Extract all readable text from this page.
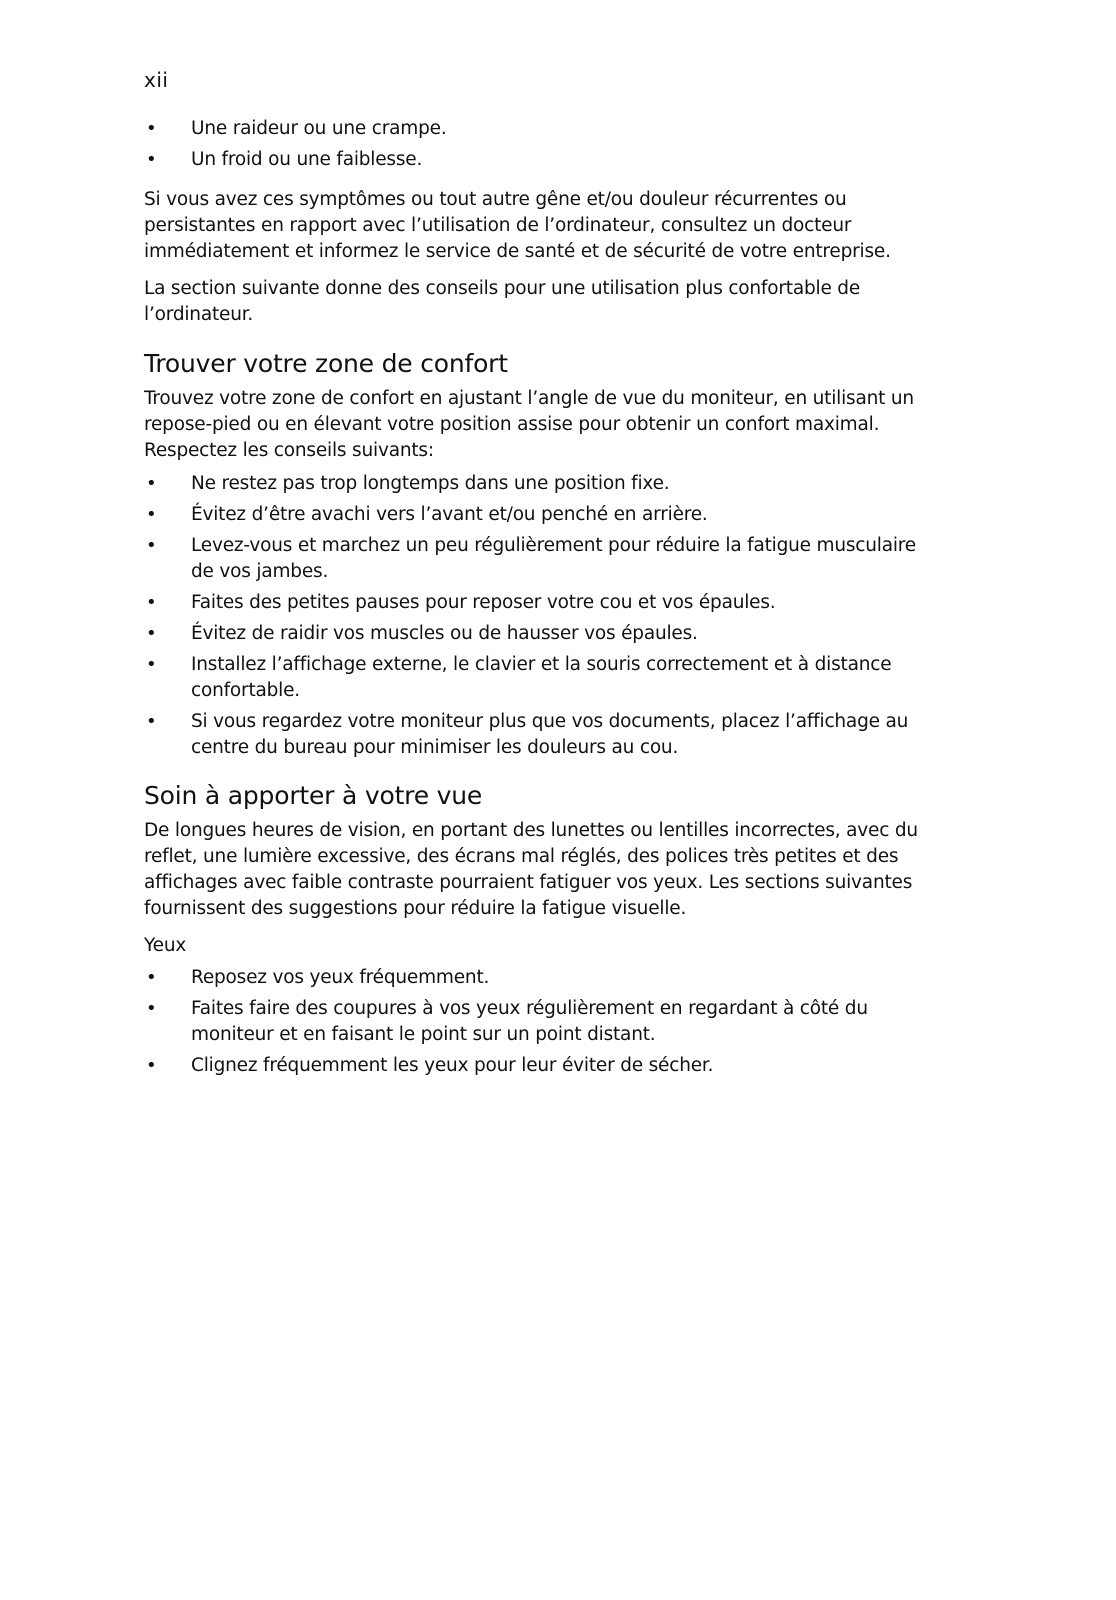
xii
• Une raideur ou une crampe.
• Un froid ou une faiblesse.

Si vous avez ces symptômes ou tout autre gêne et/ou douleur récurrentes ou persistantes en rapport avec l’utilisation de l’ordinateur, consultez un docteur immédiatement et informez le service de santé et de sécurité de votre entreprise.

La section suivante donne des conseils pour une utilisation plus confortable de l’ordinateur.

Trouver votre zone de confort

Trouvez votre zone de confort en ajustant l’angle de vue du moniteur, en utilisant un repose-pied ou en élevant votre position assise pour obtenir un confort maximal. Respectez les conseils suivants:

• Ne restez pas trop longtemps dans une position fixe.
• Évitez d’être avachi vers l’avant et/ou penché en arrière.
• Levez-vous et marchez un peu régulièrement pour réduire la fatigue musculaire de vos jambes.
• Faites des petites pauses pour reposer votre cou et vos épaules.
• Évitez de raidir vos muscles ou de hausser vos épaules.
• Installez l’affichage externe, le clavier et la souris correctement et à distance confortable.
• Si vous regardez votre moniteur plus que vos documents, placez l’affichage au centre du bureau pour minimiser les douleurs au cou.
Soin à apporter à votre vue

De longues heures de vision, en portant des lunettes ou lentilles incorrectes, avec du reflet, une lumière excessive, des écrans mal réglés, des polices très petites et des affichages avec faible contraste pourraient fatiguer vos yeux. Les sections suivantes fournissent des suggestions pour réduire la fatigue visuelle.

Yeux

• Reposez vos yeux fréquemment.
• Faites faire des coupures à vos yeux régulièrement en regardant à côté du moniteur et en faisant le point sur un point distant.
• Clignez fréquemment les yeux pour leur éviter de sécher.
